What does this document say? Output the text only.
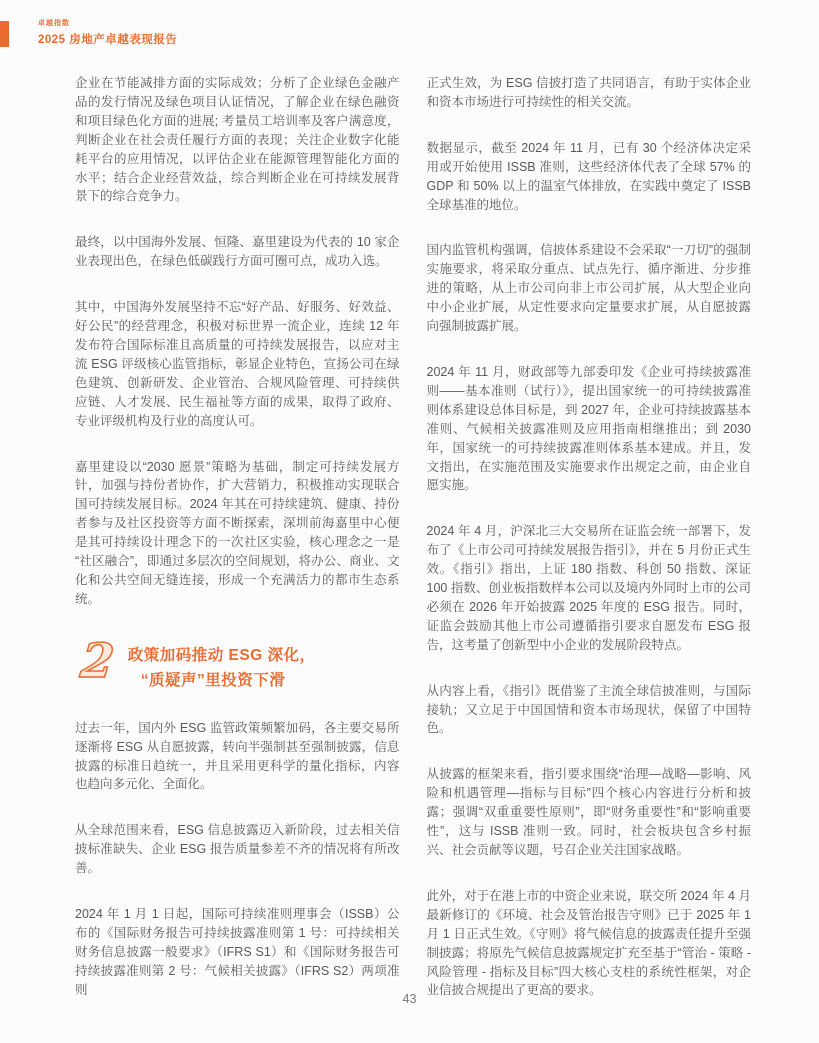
卓越指数
2025 房地产卓越表现报告

企业在节能减排方面的实际成效；分析了企业绿色金融产品的发行情况及绿色项目认证情况，了解企业在绿色融资和项目绿色化方面的进展; 考量员工培训率及客户满意度，判断企业在社会责任履行方面的表现；关注企业数字化能耗平台的应用情况，以评估企业在能源管理智能化方面的水平；结合企业经营效益，综合判断企业在可持续发展背景下的综合竞争力。

最终，以中国海外发展、恒隆、嘉里建设为代表的 10 家企业表现出色，在绿色低碳践行方面可圈可点，成功入选。

其中，中国海外发展坚持不忘“好产品、好服务、好效益、好公民”的经营理念，积极对标世界一流企业，连续 12 年发布符合国际标准且高质量的可持续发展报告，以应对主流 ESG 评级核心监管指标，彰显企业特色，宣扬公司在绿色建筑、创新研发、企业管治、合规风险管理、可持续供应链、人才发展、民生福祉等方面的成果，取得了政府、专业评级机构及行业的高度认可。

嘉里建设以“2030 愿景”策略为基础，制定可持续发展方针，加强与持份者协作，扩大营销力，积极推动实现联合国可持续发展目标。2024 年其在可持续建筑、健康、持份者参与及社区投资等方面不断探索，深圳前海嘉里中心便是其可持续设计理念下的一次社区实验，核心理念之一是“社区融合”，即通过多层次的空间规划，将办公、商业、文化和公共空间无缝连接，形成一个充满活力的都市生态系统。

2 政策加码推动 ESG 深化，
“质疑声”里投资下滑

过去一年，国内外 ESG 监管政策频繁加码，各主要交易所逐渐将 ESG 从自愿披露，转向半强制甚至强制披露，信息披露的标准日趋统一，并且采用更科学的量化指标，内容也趋向多元化、全面化。

从全球范围来看，ESG 信息披露迈入新阶段，过去相关信披标准缺失、企业 ESG 报告质量参差不齐的情况将有所改善。

2024 年 1 月 1 日起，国际可持续准则理事会（ISSB）公布的《国际财务报告可持续披露准则第 1 号：可持续相关财务信息披露一般要求》（IFRS S1）和《国际财务报告可持续披露准则第 2 号：气候相关披露》（IFRS S2）两项准则

正式生效，为 ESG 信披打造了共同语言，有助于实体企业和资本市场进行可持续性的相关交流。

数据显示，截至 2024 年 11 月，已有 30 个经济体决定采用或开始使用 ISSB 准则，这些经济体代表了全球 57% 的 GDP 和 50% 以上的温室气体排放，在实践中奠定了 ISSB 全球基准的地位。

国内监管机构强调，信披体系建设不会采取“一刀切”的强制实施要求，将采取分重点、试点先行、循序渐进、分步推进的策略，从上市公司向非上市公司扩展，从大型企业向中小企业扩展，从定性要求向定量要求扩展，从自愿披露向强制披露扩展。

2024 年 11 月，财政部等九部委印发《企业可持续披露准则——基本准则（试行）》，提出国家统一的可持续披露准则体系建设总体目标是，到 2027 年，企业可持续披露基本准则、气候相关披露准则及应用指南相继推出；到 2030 年，国家统一的可持续披露准则体系基本建成。并且，发文指出，在实施范围及实施要求作出规定之前，由企业自愿实施。

2024 年 4 月，沪深北三大交易所在证监会统一部署下，发布了《上市公司可持续发展报告指引》，并在 5 月份正式生效。《指引》指出，上证 180 指数、科创 50 指数、深证 100 指数、创业板指数样本公司以及境内外同时上市的公司必须在 2026 年开始披露 2025 年度的 ESG 报告。同时，证监会鼓励其他上市公司遵循指引要求自愿发布 ESG 报告，这考量了创新型中小企业的发展阶段特点。

从内容上看，《指引》既借鉴了主流全球信披准则，与国际接轨；又立足于中国国情和资本市场现状，保留了中国特色。

从披露的框架来看，指引要求围绕“治理—战略—影响、风险和机遇管理—指标与目标”四个核心内容进行分析和披露；强调“双重重要性原则”，即“财务重要性”和“影响重要性”，这与 ISSB 准则一致。同时，社会板块包含乡村振兴、社会贡献等议题，号召企业关注国家战略。

此外，对于在港上市的中资企业来说，联交所 2024 年 4 月最新修订的《环境、社会及管治报告守则》已于 2025 年 1 月 1 日正式生效。《守则》将气候信息的披露责任提升至强制披露；将原先气候信息披露规定扩充至基于“管治 - 策略 - 风险管理 - 指标及目标”四大核心支柱的系统性框架，对企业信披合规提出了更高的要求。

43
